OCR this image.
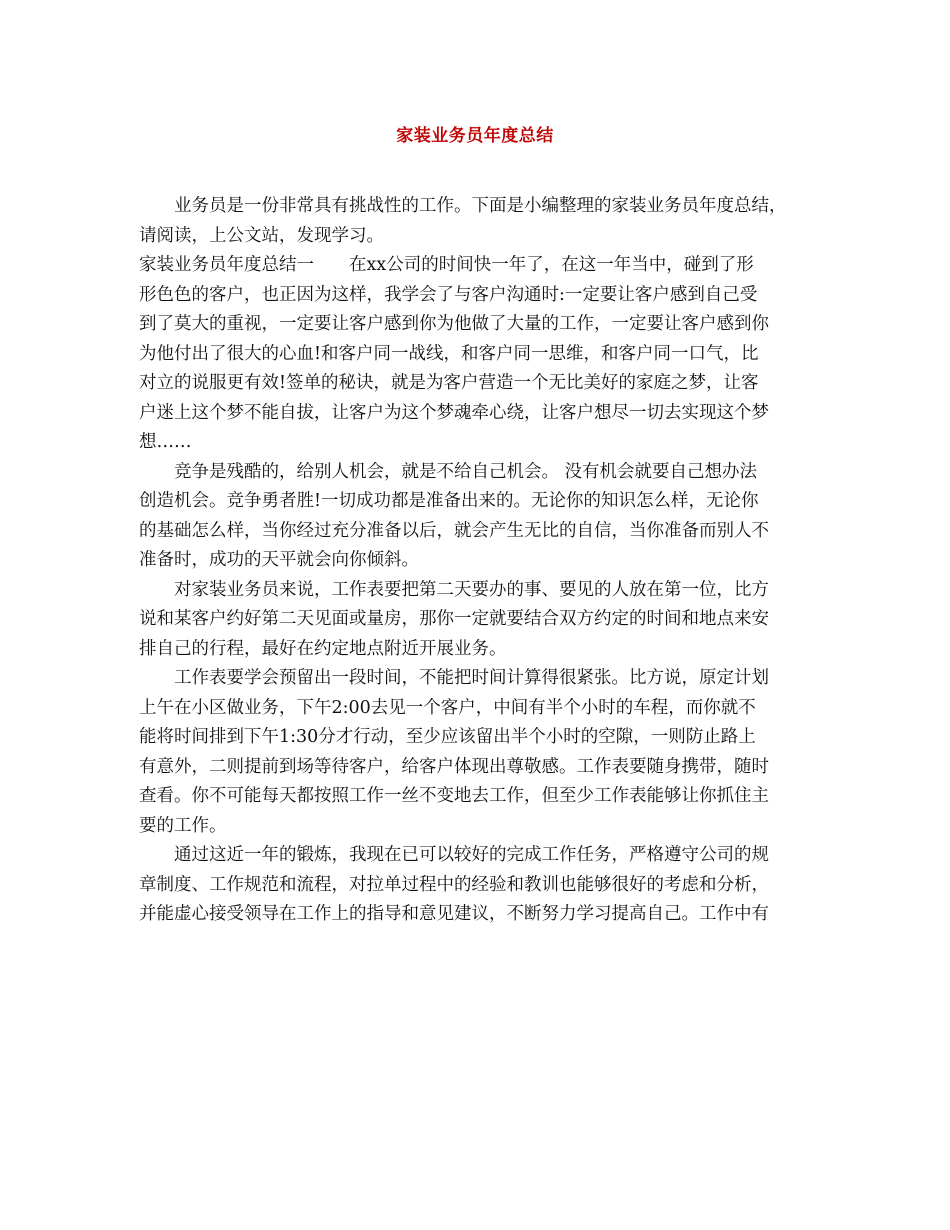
家装业务员年度总结
业务员是一份非常具有挑战性的工作。下面是小编整理的家装业务员年度总结，
请阅读，上公文站，发现学习。
家装业务员年度总结一　　在xx公司的时间快一年了，在这一年当中，碰到了形
形色色的客户，也正因为这样，我学会了与客户沟通时:一定要让客户感到自己受
到了莫大的重视，一定要让客户感到你为他做了大量的工作，一定要让客户感到你
为他付出了很大的心血!和客户同一战线，和客户同一思维，和客户同一口气，比
对立的说服更有效!签单的秘诀，就是为客户营造一个无比美好的家庭之梦，让客
户迷上这个梦不能自拔，让客户为这个梦魂牵心绕，让客户想尽一切去实现这个梦
想……
竞争是残酷的，给别人机会，就是不给自己机会。 没有机会就要自己想办法
创造机会。竞争勇者胜!一切成功都是准备出来的。无论你的知识怎么样，无论你
的基础怎么样，当你经过充分准备以后，就会产生无比的自信，当你准备而别人不
准备时，成功的天平就会向你倾斜。
对家装业务员来说，工作表要把第二天要办的事、要见的人放在第一位，比方
说和某客户约好第二天见面或量房，那你一定就要结合双方约定的时间和地点来安
排自己的行程，最好在约定地点附近开展业务。
工作表要学会预留出一段时间，不能把时间计算得很紧张。比方说，原定计划
上午在小区做业务，下午2:00去见一个客户，中间有半个小时的车程，而你就不
能将时间排到下午1:30分才行动，至少应该留出半个小时的空隙，一则防止路上
有意外，二则提前到场等待客户，给客户体现出尊敬感。工作表要随身携带，随时
查看。你不可能每天都按照工作一丝不变地去工作，但至少工作表能够让你抓住主
要的工作。
通过这近一年的锻炼，我现在已可以较好的完成工作任务，严格遵守公司的规
章制度、工作规范和流程，对拉单过程中的经验和教训也能够很好的考虑和分析，
并能虚心接受领导在工作上的指导和意见建议，不断努力学习提高自己。工作中有
